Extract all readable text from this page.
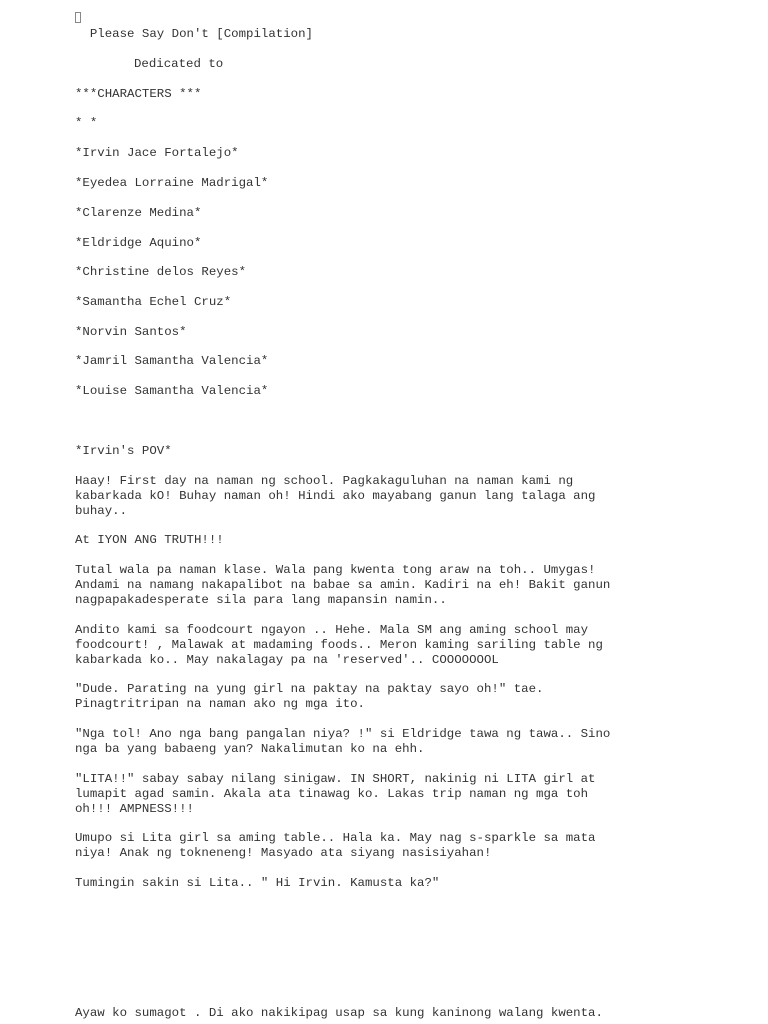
Please Say Don't [Compilation]

Dedicated to

***CHARACTERS ***

* *

*Irvin Jace Fortalejo*

*Eyedea Lorraine Madrigal*

*Clarenze Medina*

*Eldridge Aquino*

*Christine delos Reyes*

*Samantha Echel Cruz*

*Norvin Santos*

*Jamril Samantha Valencia*

*Louise Samantha Valencia*

*Irvin's POV*

Haay! First day na naman ng school. Pagkakaguluhan na naman kami ng

kabarkada kO! Buhay naman oh! Hindi ako mayabang ganun lang talaga ang

buhay..

At IYON ANG TRUTH!!!

Tutal wala pa naman klase. Wala pang kwenta tong araw na toh.. Umygas!

Andami na namang nakapalibot na babae sa amin. Kadiri na eh! Bakit ganun

nagpapakadesperate sila para lang mapansin namin..

Andito kami sa foodcourt ngayon .. Hehe. Mala SM ang aming school may

foodcourt! , Malawak at madaming foods.. Meron kaming sariling table ng

kabarkada ko.. May nakalagay pa na 'reserved'.. COOOOOOOL

"Dude. Parating na yung girl na paktay na paktay sayo oh!" tae.

Pinagtritripan na naman ako ng mga ito.

"Nga tol! Ano nga bang pangalan niya? !" si Eldridge tawa ng tawa.. Sino

nga ba yang babaeng yan? Nakalimutan ko na ehh.

"LITA!!" sabay sabay nilang sinigaw. IN SHORT, nakinig ni LITA girl at

lumapit agad samin. Akala ata tinawag ko. Lakas trip naman ng mga toh

oh!!! AMPNESS!!!

Umupo si Lita girl sa aming table.. Hala ka. May nag s-sparkle sa mata

niya! Anak ng tokneneng! Masyado ata siyang nasisiyahan!

Tumingin sakin si Lita.. " Hi Irvin. Kamusta ka?"

Ayaw ko sumagot . Di ako nakikipag usap sa kung kaninong walang kwenta.
